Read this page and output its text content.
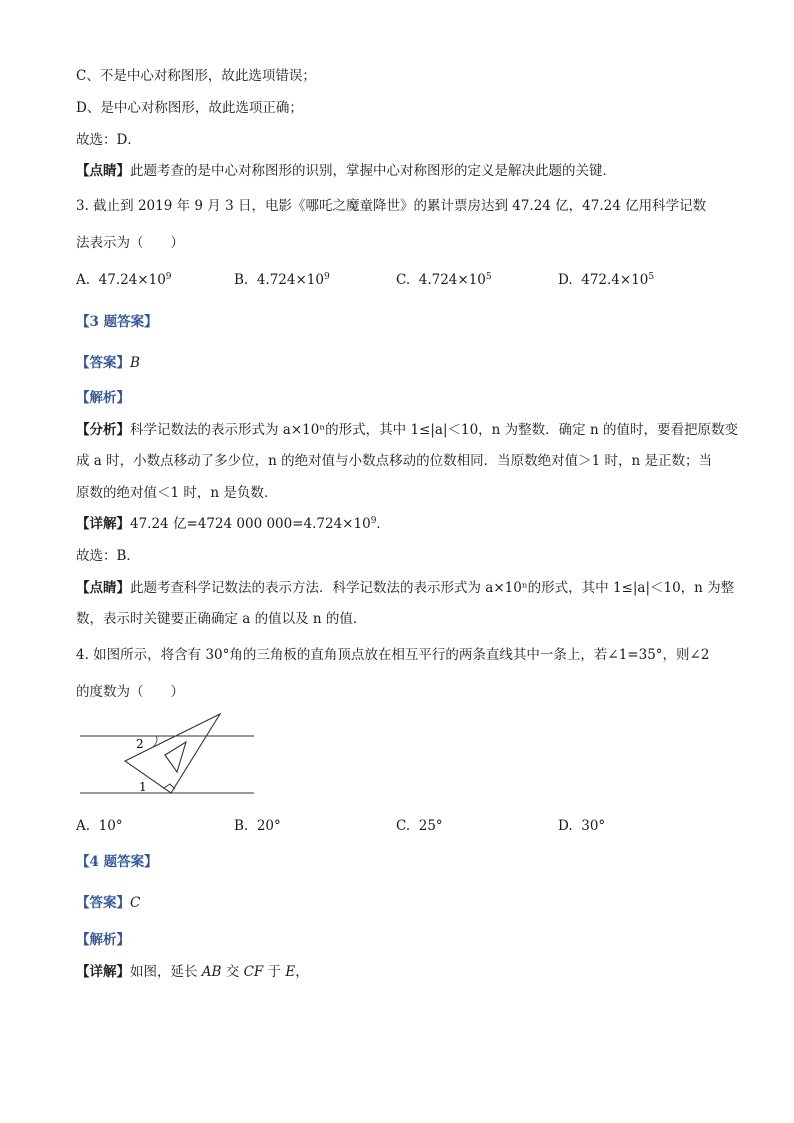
C、不是中心对称图形，故此选项错误；
D、是中心对称图形，故此选项正确；
故选：D．
【点睛】此题考查的是中心对称图形的识别，掌握中心对称图形的定义是解决此题的关键．
3. 截止到 2019 年 9 月 3 日，电影《哪吒之魔童降世》的累计票房达到 47.24 亿，47.24 亿用科学记数
法表示为（　　）
A. $47.24\times 10^9$	B. $4.724\times 10^9$	C. $4.724\times 10^5$	D. $472.4\times 10^5$
【3 题答案】
【答案】B
【解析】
【分析】科学记数法的表示形式为 a×10ⁿ的形式，其中 1≤|a|＜10，n 为整数．确定 n 的值时，要看把原数变
成 a 时，小数点移动了多少位，n 的绝对值与小数点移动的位数相同．当原数绝对值＞1 时，n 是正数；当
原数的绝对值＜1 时，n 是负数．
【详解】47.24 亿=4724 000 $000=4.724\times 10^9$．
故选：B．
【点睛】此题考查科学记数法的表示方法．科学记数法的表示形式为 a×10ⁿ的形式，其中 1≤|a|＜10，n 为整
数，表示时关键要正确确定 a 的值以及 n 的值．
4. 如图所示，将含有 30°角的三角板的直角顶点放在相互平行的两条直线其中一条上，若∠1=35°，则∠2
的度数为（　　）
2
1
A. 10°	B. 20°	C. 25°	D. 30°
【4 题答案】
【答案】C
【解析】
【详解】如图，延长 AB 交 CF 于 E，
